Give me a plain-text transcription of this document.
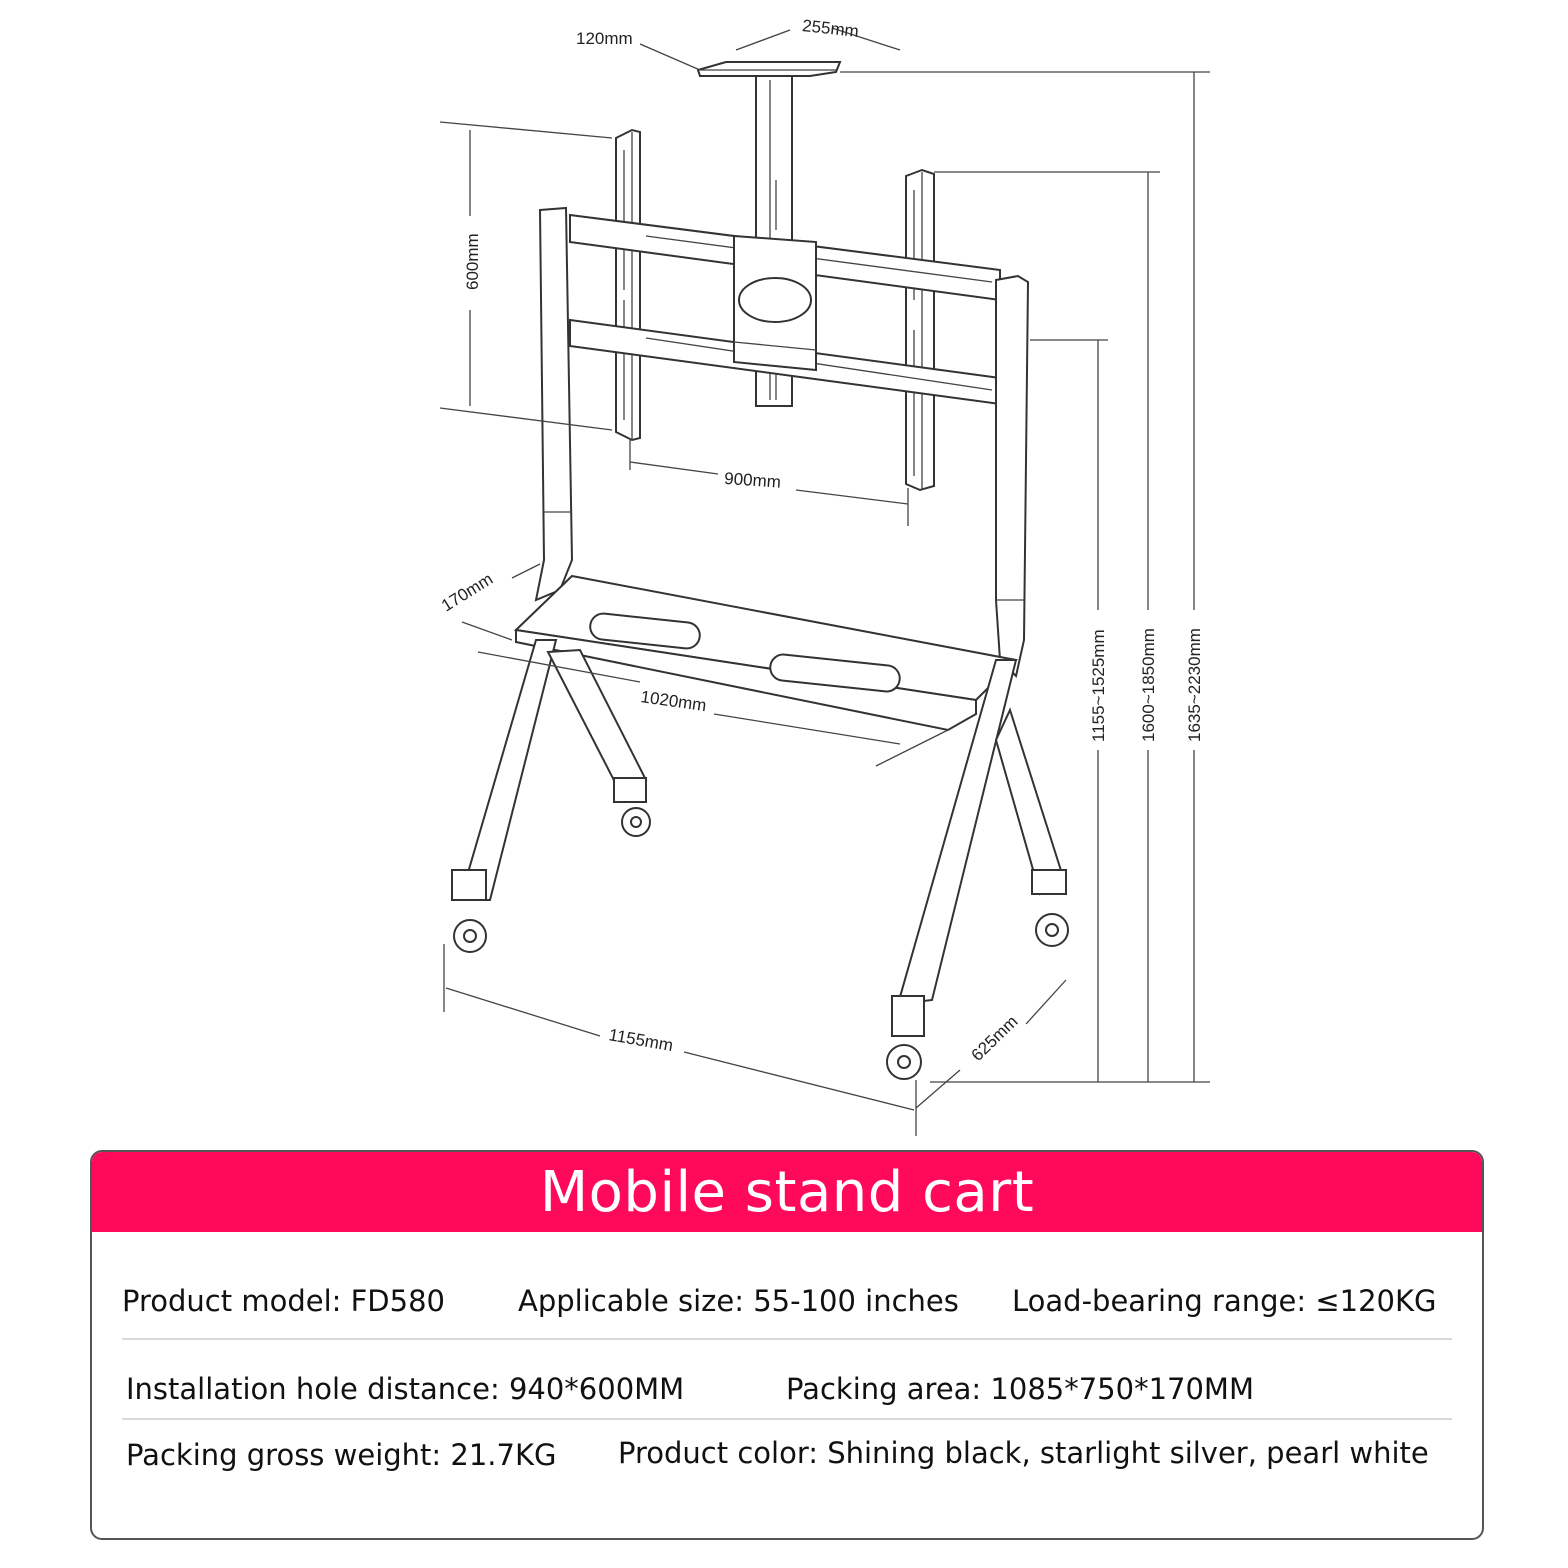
120mm	255mm
600mm
900mm
170mm
1020mm
1155mm	625mm
1155~1525mm 1600~1850mm 1635~2230mm
Mobile stand cart
Product model: FD580	Applicable size: 55-100 inches Load-bearing range: ≤120KG
Installation hole distance: 940*600MM	Packing area: 1085*750*170MM
Packing gross weight: 21.7KG Product color: Shining black, starlight silver, pearl white
